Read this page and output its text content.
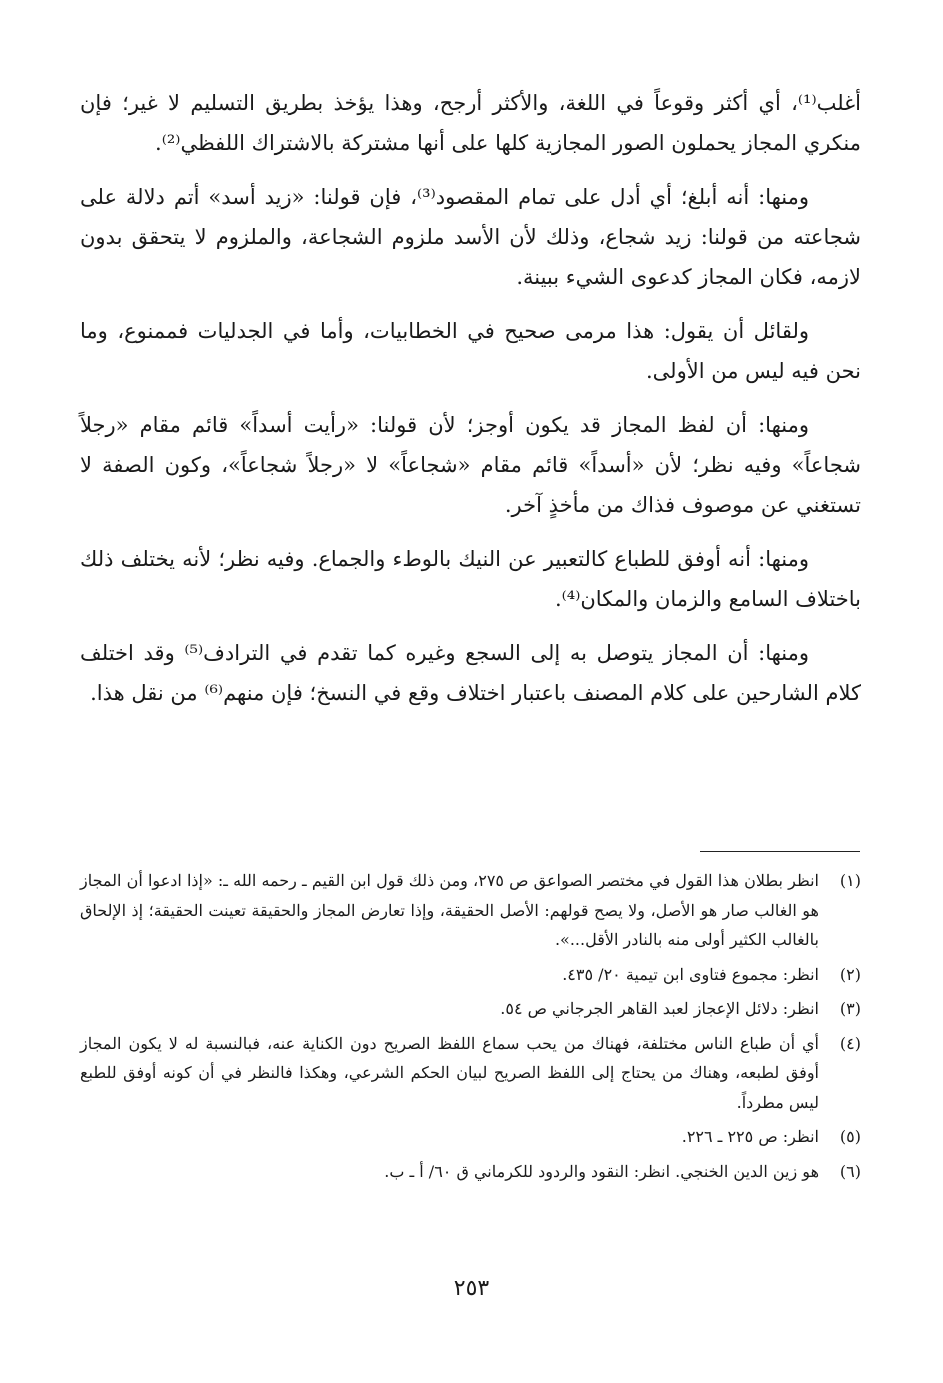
أغلب⁽¹⁾، أي أكثر وقوعاً في اللغة، والأكثر أرجح، وهذا يؤخذ بطريق التسليم لا غير؛ فإن منكري المجاز يحملون الصور المجازية كلها على أنها مشتركة بالاشتراك اللفظي⁽²⁾.

ومنها: أنه أبلغ؛ أي أدل على تمام المقصود⁽³⁾، فإن قولنا: «زيد أسد» أتم دلالة على شجاعته من قولنا: زيد شجاع، وذلك لأن الأسد ملزوم الشجاعة، والملزوم لا يتحقق بدون لازمه، فكان المجاز كدعوى الشيء ببينة.

ولقائل أن يقول: هذا مرمى صحيح في الخطابيات، وأما في الجدليات فممنوع، وما نحن فيه ليس من الأولى.

ومنها: أن لفظ المجاز قد يكون أوجز؛ لأن قولنا: «رأيت أسداً» قائم مقام «رجلاً شجاعاً» وفيه نظر؛ لأن «أسداً» قائم مقام «شجاعاً» لا «رجلاً شجاعاً»، وكون الصفة لا تستغني عن موصوف فذاك من مأخذٍ آخر.

ومنها: أنه أوفق للطباع كالتعبير عن النيك بالوطء والجماع. وفيه نظر؛ لأنه يختلف ذلك باختلاف السامع والزمان والمكان⁽⁴⁾.

ومنها: أن المجاز يتوصل به إلى السجع وغيره كما تقدم في الترادف⁽⁵⁾ وقد اختلف كلام الشارحين على كلام المصنف باعتبار اختلاف وقع في النسخ؛ فإن منهم⁽⁶⁾ من نقل هذا.

(١)
انظر بطلان هذا القول في مختصر الصواعق ص ٢٧٥، ومن ذلك قول ابن القيم ـ رحمه الله ـ: «إذا ادعوا أن المجاز هو الغالب صار هو الأصل، ولا يصح قولهم: الأصل الحقيقة، وإذا تعارض المجاز والحقيقة تعينت الحقيقة؛ إذ الإلحاق بالغالب الكثير أولى منه بالنادر الأقل...».
(٢)
انظر: مجموع فتاوى ابن تيمية ٢٠/ ٤٣٥.
(٣)
انظر: دلائل الإعجاز لعبد القاهر الجرجاني ص ٥٤.
(٤)
أي أن طباع الناس مختلفة، فهناك من يحب سماع اللفظ الصريح دون الكناية عنه، فبالنسبة له لا يكون المجاز أوفق لطبعه، وهناك من يحتاج إلى اللفظ الصريح لبيان الحكم الشرعي، وهكذا فالنظر في أن كونه أوفق للطبع ليس مطرداً.
(٥)
انظر: ص ٢٢٥ ـ ٢٢٦.
(٦)
هو زين الدين الخنجي. انظر: النقود والردود للكرماني ق ٦٠/ أ ـ ب.
٢٥٣
